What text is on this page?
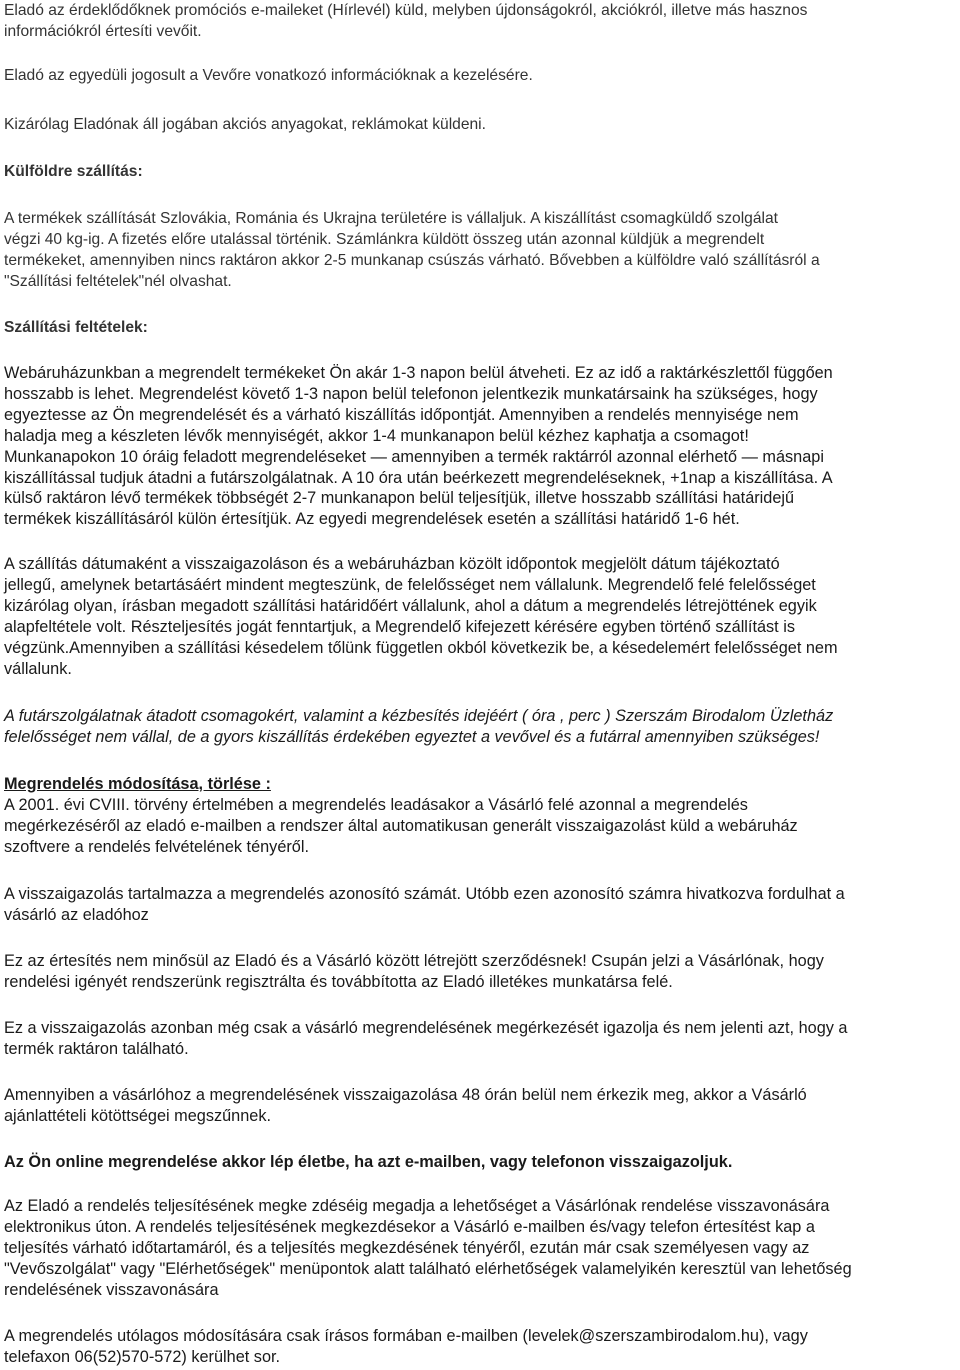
Eladó az érdeklődőknek promóciós e-maileket (Hírlevél) küld, melyben újdonságokról, akciókról, illetve más hasznos
információkról értesíti vevőit.
Eladó az egyedüli jogosult a Vevőre vonatkozó információknak a kezelésére.
Kizárólag Eladónak áll jogában akciós anyagokat, reklámokat küldeni.
Külföldre szállítás:
A termékek szállítását Szlovákia, Románia és Ukrajna területére is vállaljuk. A kiszállítást csomagküldő szolgálat
végzi 40 kg-ig. A fizetés előre utalással történik. Számlánkra küldött összeg után azonnal küldjük a megrendelt
termékeket, amennyiben nincs raktáron akkor 2-5 munkanap csúszás várható. Bővebben a külföldre való szállításról a
"Szállítási feltételek"nél olvashat.
Szállítási feltételek:
Webáruházunkban a megrendelt termékeket Ön akár 1-3 napon belül átveheti. Ez az idő a raktárkészlettől függően
hosszabb is lehet. Megrendelést követő 1-3 napon belül telefonon jelentkezik munkatársaink ha szükséges, hogy
egyeztesse az Ön megrendelését és a várható kiszállítás időpontját. Amennyiben a rendelés mennyisége nem
haladja meg a készleten lévők mennyiségét, akkor 1-4 munkanapon belül kézhez kaphatja a csomagot!
Munkanapokon 10 óráig feladott megrendeléseket — amennyiben a termék raktárról azonnal elérhető — másnapi
kiszállítással tudjuk átadni a futárszolgálatnak. A 10 óra után beérkezett megrendeléseknek, +1nap a kiszállítása. A
külső raktáron lévő termékek többségét 2-7 munkanapon belül teljesítjük, illetve hosszabb szállítási határidejű
termékek kiszállításáról külön értesítjük. Az egyedi megrendelések esetén a szállítási határidő 1-6 hét.
A szállítás dátumaként a visszaigazoláson és a webáruházban közölt időpontok megjelölt dátum tájékoztató
jellegű, amelynek betartásáért mindent megteszünk, de felelősséget nem vállalunk. Megrendelő felé felelősséget
kizárólag olyan, írásban megadott szállítási határidőért vállalunk, ahol a dátum a megrendelés létrejöttének egyik
alapfeltétele volt. Részteljesítés jogát fenntartjuk, a Megrendelő kifejezett kérésére egyben történő szállítást is
végzünk.Amennyiben a szállítási késedelem tőlünk független okból következik be, a késedelemért felelősséget nem
vállalunk.
A futárszolgálatnak átadott csomagokért, valamint a kézbesítés idejéért ( óra , perc ) Szerszám Birodalom Üzletház
felelősséget nem vállal, de a gyors kiszállítás érdekében egyeztet a vevővel és a futárral amennyiben szükséges!
Megrendelés módosítása, törlése :
A 2001. évi CVIII. törvény értelmében a megrendelés leadásakor a Vásárló felé azonnal a megrendelés
megérkezéséről az eladó e-mailben a rendszer által automatikusan generált visszaigazolást küld a webáruház
szoftvere a rendelés felvételének tényéről.
A visszaigazolás tartalmazza a megrendelés azonosító számát. Utóbb ezen azonosító számra hivatkozva fordulhat a
vásárló az eladóhoz
Ez az értesítés nem minősül az Eladó és a Vásárló között létrejött szerződésnek! Csupán jelzi a Vásárlónak, hogy
rendelési igényét rendszerünk regisztrálta és továbbította az Eladó illetékes munkatársa felé.
Ez a visszaigazolás azonban még csak a vásárló megrendelésének megérkezését igazolja és nem jelenti azt, hogy a
termék raktáron található.
Amennyiben a vásárlóhoz a megrendelésének visszaigazolása 48 órán belül nem érkezik meg, akkor a Vásárló
ajánlattételi kötöttségei megszűnnek.
Az Ön online megrendelése akkor lép életbe, ha azt e-mailben, vagy telefonon visszaigazoljuk.
Az Eladó a rendelés teljesítésének megke zdéséig megadja a lehetőséget a Vásárlónak rendelése visszavonására
elektronikus úton. A rendelés teljesítésének megkezdésekor a Vásárló e-mailben és/vagy telefon értesítést kap a
teljesítés várható időtartamáról, és a teljesítés megkezdésének tényéről, ezután már csak személyesen vagy az
"Vevőszolgálat" vagy "Elérhetőségek" menüpontok alatt található elérhetőségek valamelyikén keresztül van lehetőség
rendelésének visszavonására
A megrendelés utólagos módosítására csak írásos formában e-mailben (levelek@szerszambirodalom.hu), vagy
telefaxon 06(52)570-572) kerülhet sor.
